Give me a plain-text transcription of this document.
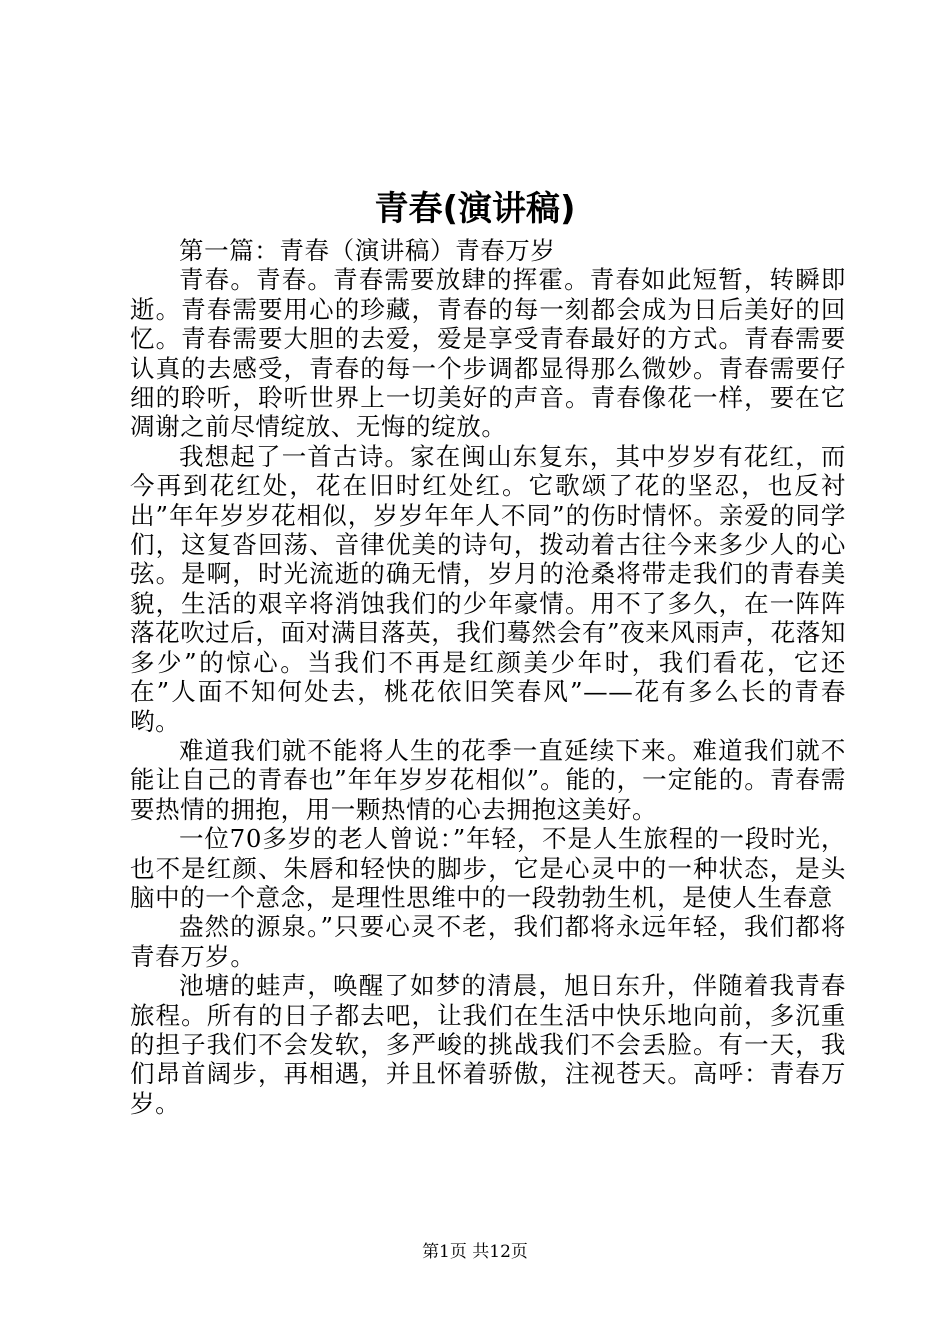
青春(演讲稿)

第一篇：青春（演讲稿）青春万岁

青春。青春。青春需要放肆的挥霍。青春如此短暂，转瞬即逝。青春需要用心的珍藏，青春的每一刻都会成为日后美好的回忆。青春需要大胆的去爱，爱是享受青春最好的方式。青春需要认真的去感受，青春的每一个步调都显得那么微妙。青春需要仔细的聆听，聆听世界上一切美好的声音。青春像花一样，要在它凋谢之前尽情绽放、无悔的绽放。

我想起了一首古诗。家在闽山东复东，其中岁岁有花红，而今再到花红处，花在旧时红处红。它歌颂了花的坚忍，也反衬出”年年岁岁花相似，岁岁年年人不同”的伤时情怀。亲爱的同学们，这复沓回荡、音律优美的诗句，拨动着古往今来多少人的心弦。是啊，时光流逝的确无情，岁月的沧桑将带走我们的青春美貌，生活的艰辛将消蚀我们的少年豪情。用不了多久，在一阵阵落花吹过后，面对满目落英，我们蓦然会有”夜来风雨声，花落知多少”的惊心。当我们不再是红颜美少年时，我们看花，它还在”人面不知何处去，桃花依旧笑春风”——花有多么长的青春哟。

难道我们就不能将人生的花季一直延续下来。难道我们就不能让自己的青春也”年年岁岁花相似”。能的，一定能的。青春需要热情的拥抱，用一颗热情的心去拥抱这美好。

一位70多岁的老人曾说：”年轻，不是人生旅程的一段时光，也不是红颜、朱唇和轻快的脚步，它是心灵中的一种状态，是头脑中的一个意念，是理性思维中的一段勃勃生机，是使人生春意

盎然的源泉。”只要心灵不老，我们都将永远年轻，我们都将青春万岁。

池塘的蛙声，唤醒了如梦的清晨，旭日东升，伴随着我青春旅程。所有的日子都去吧，让我们在生活中快乐地向前，多沉重的担子我们不会发软，多严峻的挑战我们不会丢脸。有一天，我们昂首阔步，再相遇，并且怀着骄傲，注视苍天。高呼：青春万岁。

第1页 共12页
